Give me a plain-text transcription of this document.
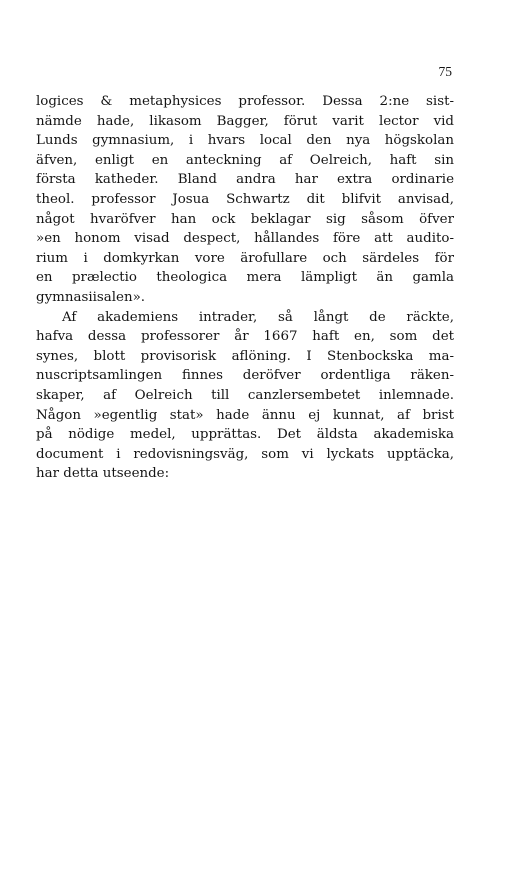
75
logices & metaphysices professor. Dessa 2:ne sist-
nämde hade, likasom Bagger, förut varit lector vid
Lunds gymnasium, i hvars local den nya högskolan
äfven, enligt en anteckning af Oelreich, haft sin
första katheder. Bland andra har extra ordinarie
theol. professor Josua Schwartz dit blifvit anvisad,
något hvaröfver han ock beklagar sig såsom öfver
»en honom visad despect, hållandes före att audito-
rium i domkyrkan vore ärofullare och särdeles för
en prælectio theologica mera lämpligt än gamla
gymnasiisalen».
Af akademiens intrader, så långt de räckte,
hafva dessa professorer år 1667 haft en, som det
synes, blott provisorisk aflöning. I Stenbockska ma-
nuscriptsamlingen finnes deröfver ordentliga räken-
skaper, af Oelreich till canzlersembetet inlemnade.
Någon »egentlig stat» hade ännu ej kunnat, af brist
på nödige medel, upprättas. Det äldsta akademiska
document i redovisningsväg, som vi lyckats upptäcka,
har detta utseende:
